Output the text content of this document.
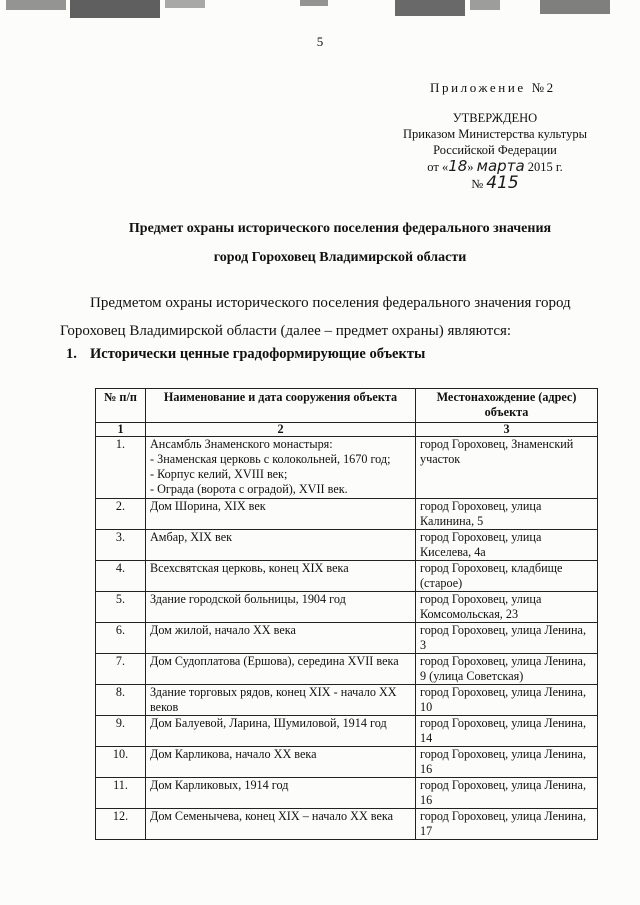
5
Приложение №2
УТВЕРЖДЕНО
Приказом Министерства культуры
Российской Федерации
от «18» марта 2015 г.
№ 415
Предмет охраны исторического поселения федерального значения
город Гороховец Владимирской области
Предметом охраны исторического поселения федерального значения город Гороховец Владимирской области (далее – предмет охраны) являются:
1. Исторически ценные градоформирующие объекты
№ п/п	Наименование и дата сооружения объекта	Местонахождение (адрес) объекта
1	2	3
1.	Ансамбль Знаменского монастыря:
- Знаменская церковь с колокольней, 1670 год;
- Корпус келий, XVIII век;
- Ограда (ворота с оградой), XVII век.	город Гороховец, Знаменский участок
2.	Дом Шорина, XIX век	город Гороховец, улица Калинина, 5
3.	Амбар, XIX век	город Гороховец, улица Киселева, 4а
4.	Всехсвятская церковь, конец XIX века	город Гороховец, кладбище (старое)
5.	Здание городской больницы, 1904 год	город Гороховец, улица Комсомольская, 23
6.	Дом жилой, начало XX века	город Гороховец, улица Ленина, 3
7.	Дом Судоплатова (Ершова), середина XVII века	город Гороховец, улица Ленина, 9 (улица Советская)
8.	Здание торговых рядов, конец XIX - начало XX веков	город Гороховец, улица Ленина, 10
9.	Дом Балуевой, Ларина, Шумиловой, 1914 год	город Гороховец, улица Ленина, 14
10.	Дом Карликова, начало XX века	город Гороховец, улица Ленина, 16
11.	Дом Карликовых, 1914 год	город Гороховец, улица Ленина, 16
12.	Дом Семенычева, конец XIX – начало XX века	город Гороховец, улица Ленина, 17
